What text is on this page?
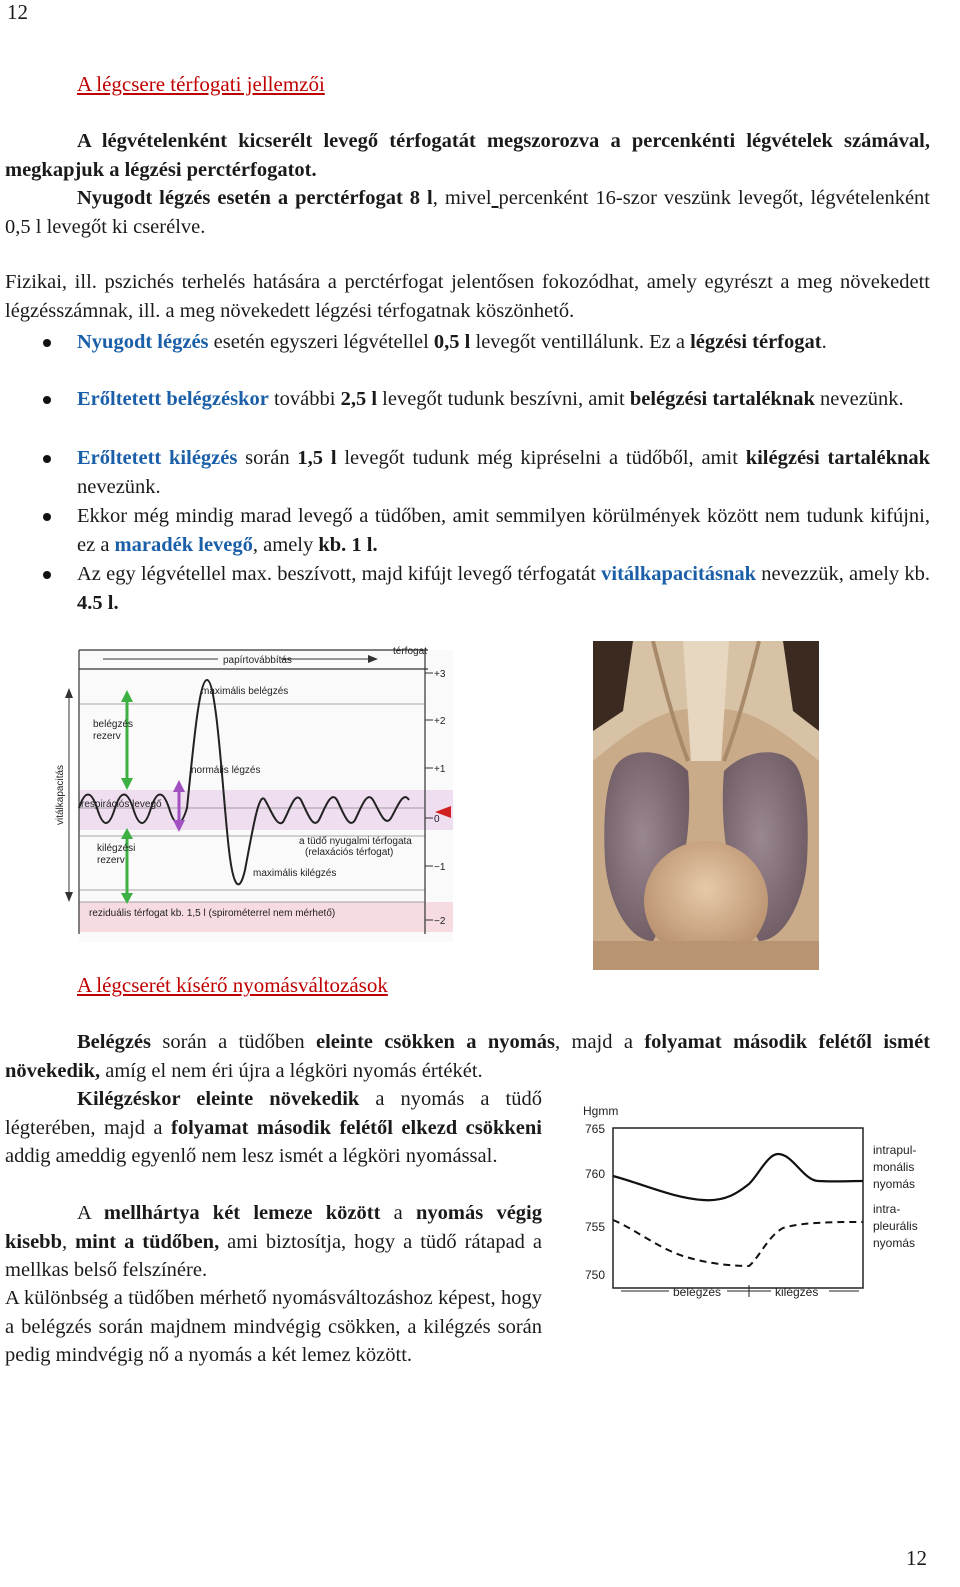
12
12
A légcsere térfogati jellemzői

A légvételenként kicserélt levegő térfogatát megszorozva a percenkénti légvételek számával, megkapjuk a légzési perctérfogatot.

Nyugodt légzés esetén a perctérfogat 8 l, mivel percenként 16-szor veszünk levegőt, légvételenként 0,5 l levegőt ki cserélve.

Fizikai, ill. pszichés terhelés hatására a perctérfogat jelentősen fokozódhat, amely egyrészt a meg növekedett légzésszámnak, ill. a meg növekedett légzési térfogatnak köszönhető.

Nyugodt légzés esetén egyszeri légvétellel 0,5 l levegőt ventillálunk. Ez a légzési térfogat.
Erőltetett belégzéskor további 2,5 l levegőt tudunk beszívni, amit belégzési tartaléknak nevezünk.
Erőltetett kilégzés során 1,5 l levegőt tudunk még kipréselni a tüdőből, amit kilégzési tartaléknak nevezünk.
Ekkor még mindig marad levegő a tüdőben, amit semmilyen körülmények között nem tudunk kifújni, ez a maradék levegő, amely kb. 1 l.
Az egy légvétellel max. beszívott, majd kifújt levegő térfogatát vitálkapacitásnak nevezzük, amely kb. 4.5 l.
+3
+2
+1
0
−1
−2
térfogat
papírtovábbítás
vitálkapacitás
maximális belégzés
belégzés
rezerv
normális légzés
respirációs levegő
a tüdő nyugalmi térfogata
(relaxációs térfogat)
kilégzési
rezerv
maximális kilégzés
reziduális térfogat kb. 1,5 l (spirométerrel nem mérhető)
A légcserét kísérő nyomásváltozások

Belégzés során a tüdőben eleinte csökken a nyomás, majd a folyamat második felétől ismét növekedik, amíg el nem éri újra a légköri nyomás értékét.

Kilégzéskor eleinte növekedik a nyomás a tüdő légterében, majd a folyamat második felétől elkezd csökkeni addig ameddig egyenlő nem lesz ismét a légköri nyomással.

A mellhártya két lemeze között a nyomás végig kisebb, mint a tüdőben, ami biztosítja, hogy a tüdő rátapad a mellkas belső felszínére.

A különbség a tüdőben mérhető nyomásváltozáshoz képest, hogy a belégzés során majdnem mindvégig csökken, a kilégzés során pedig mindvégig nő a nyomás a két lemez között.
Hgmm
765
760
755
750
intrapul-
monális
nyomás
intra-
pleurális
nyomás
belégzés	kilégzés
